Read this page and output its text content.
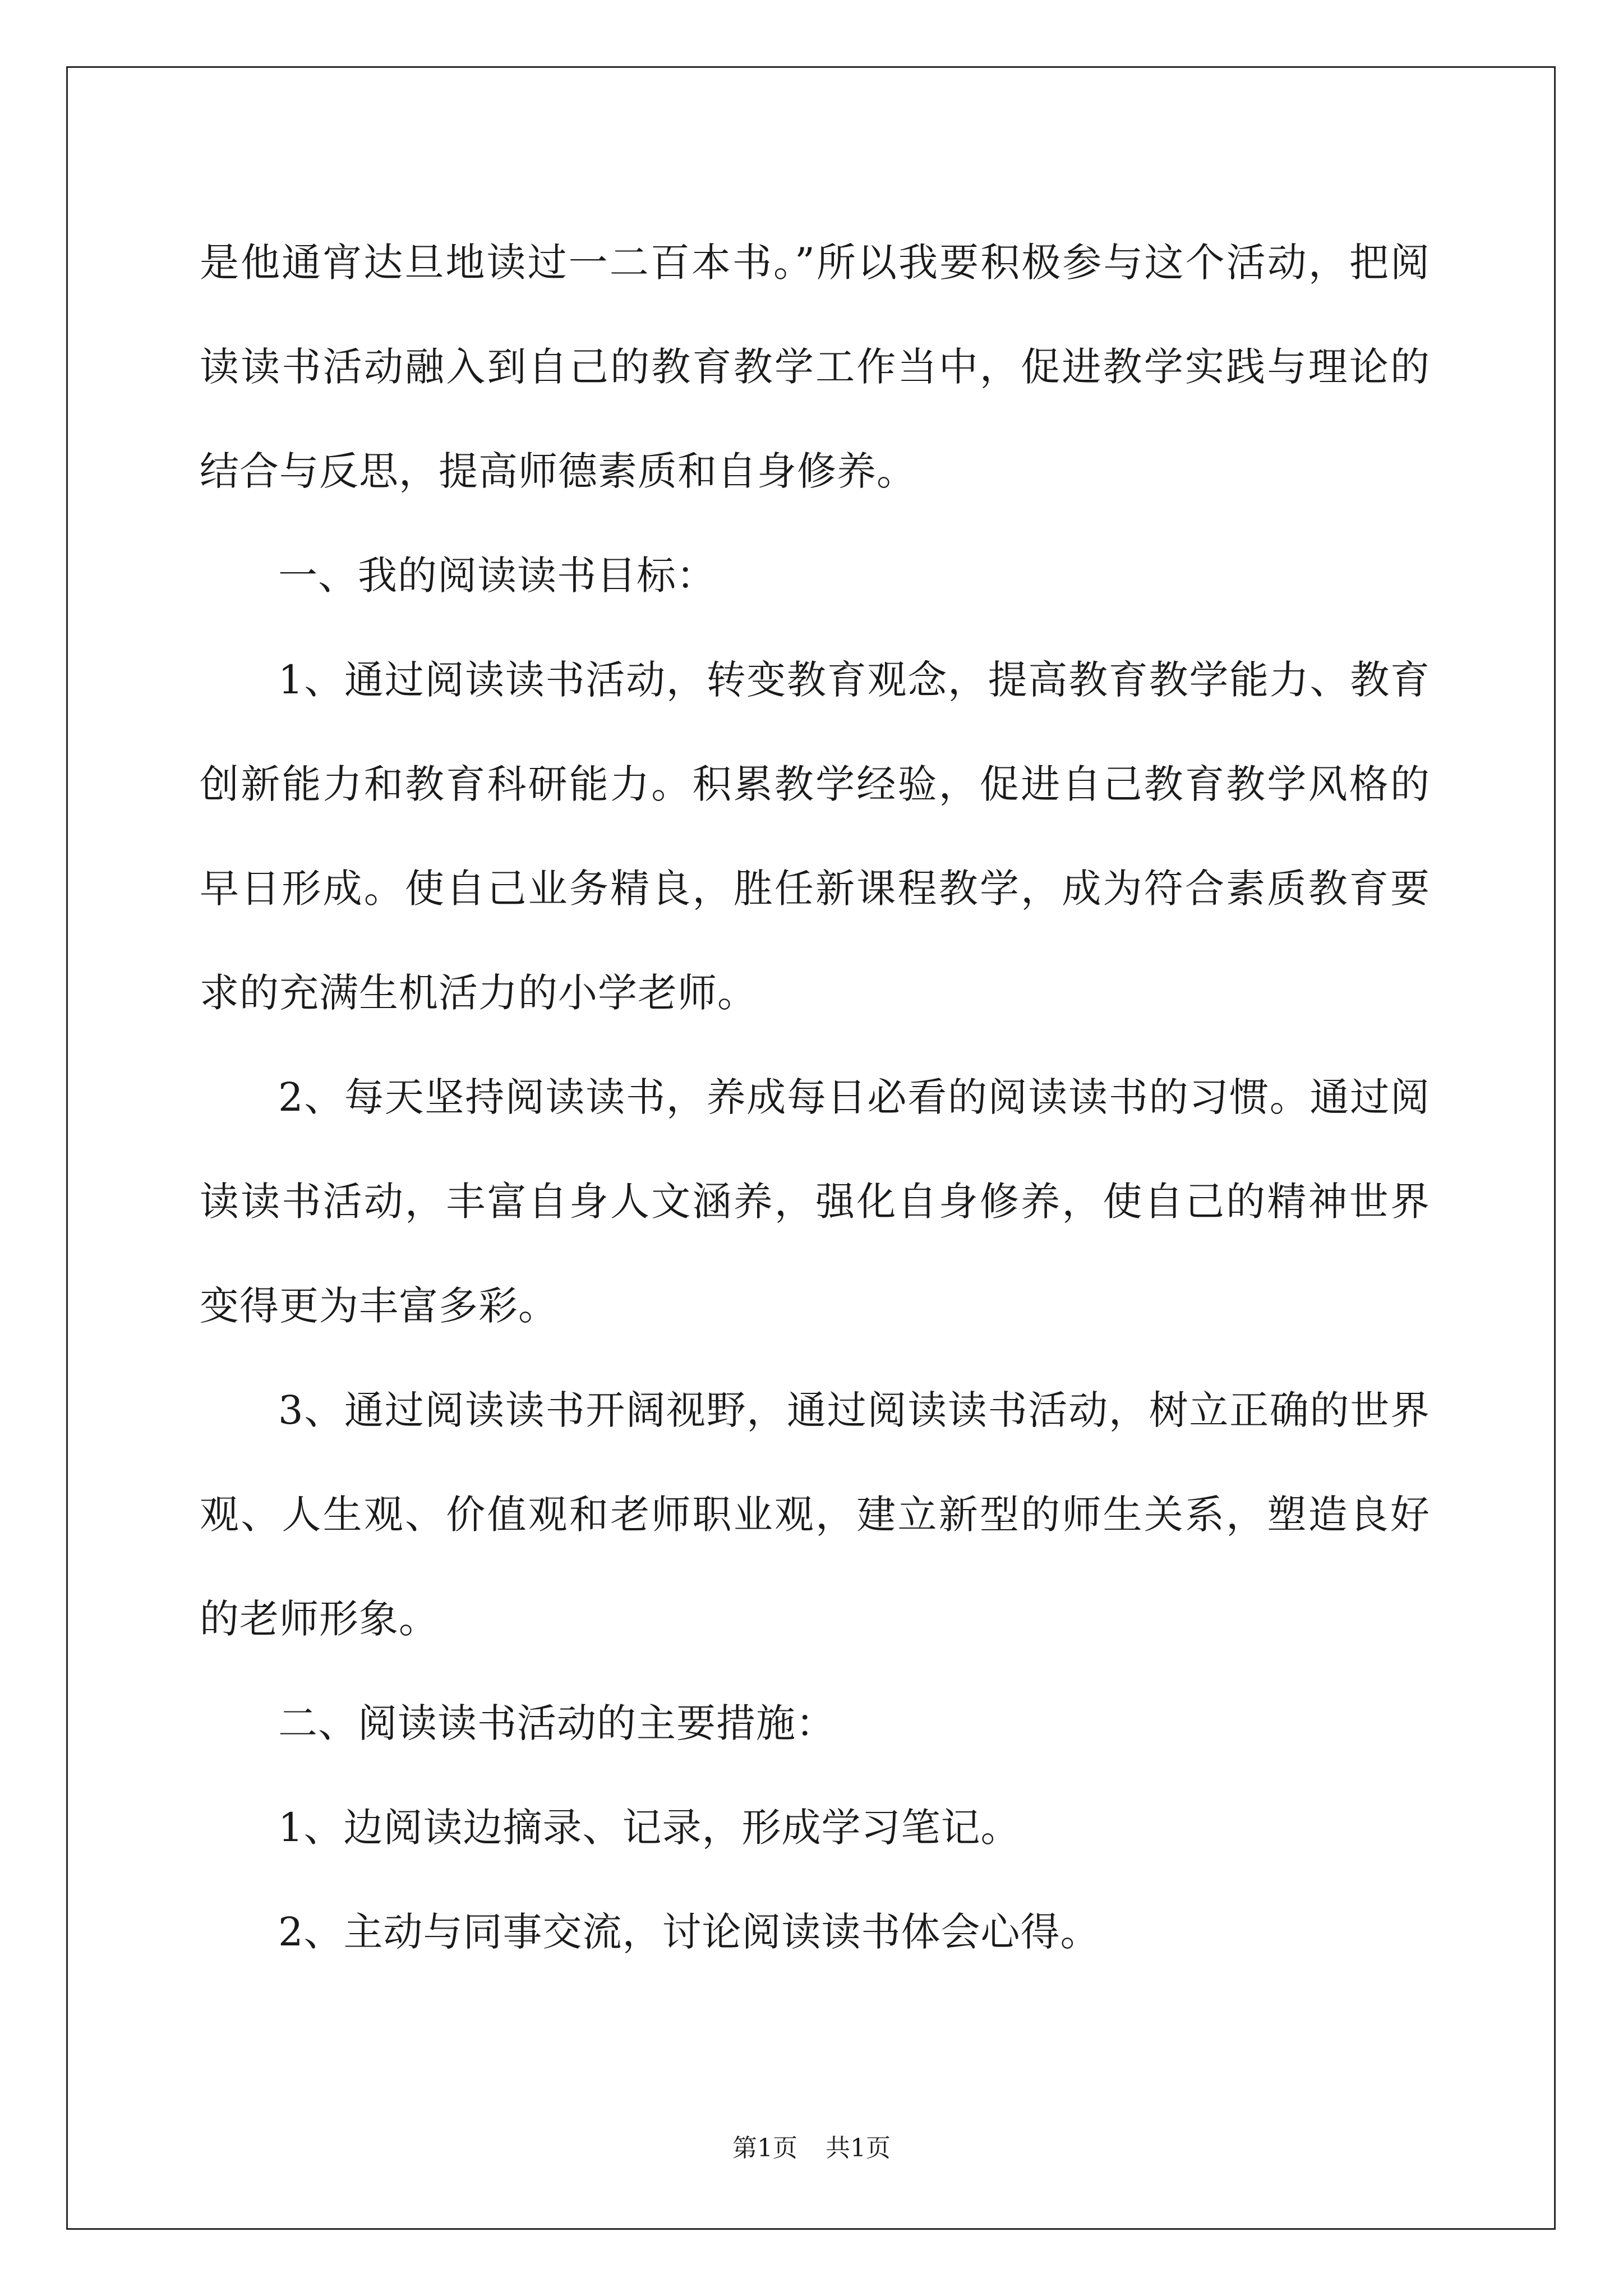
是他通宵达旦地读过一二百本书。”所以我要积极参与这个活动，把阅读读书活动融入到自己的教育教学工作当中，促进教学实践与理论的结合与反思，提高师德素质和自身修养。

一、我的阅读读书目标：

1、通过阅读读书活动，转变教育观念，提高教育教学能力、教育创新能力和教育科研能力。积累教学经验，促进自己教育教学风格的早日形成。使自己业务精良，胜任新课程教学，成为符合素质教育要求的充满生机活力的小学老师。

2、每天坚持阅读读书，养成每日必看的阅读读书的习惯。通过阅读读书活动，丰富自身人文涵养，强化自身修养，使自己的精神世界变得更为丰富多彩。

3、通过阅读读书开阔视野，通过阅读读书活动，树立正确的世界观、人生观、价值观和老师职业观，建立新型的师生关系，塑造良好的老师形象。

二、阅读读书活动的主要措施：

1、边阅读边摘录、记录，形成学习笔记。

2、主动与同事交流，讨论阅读读书体会心得。

第1页 共1页
